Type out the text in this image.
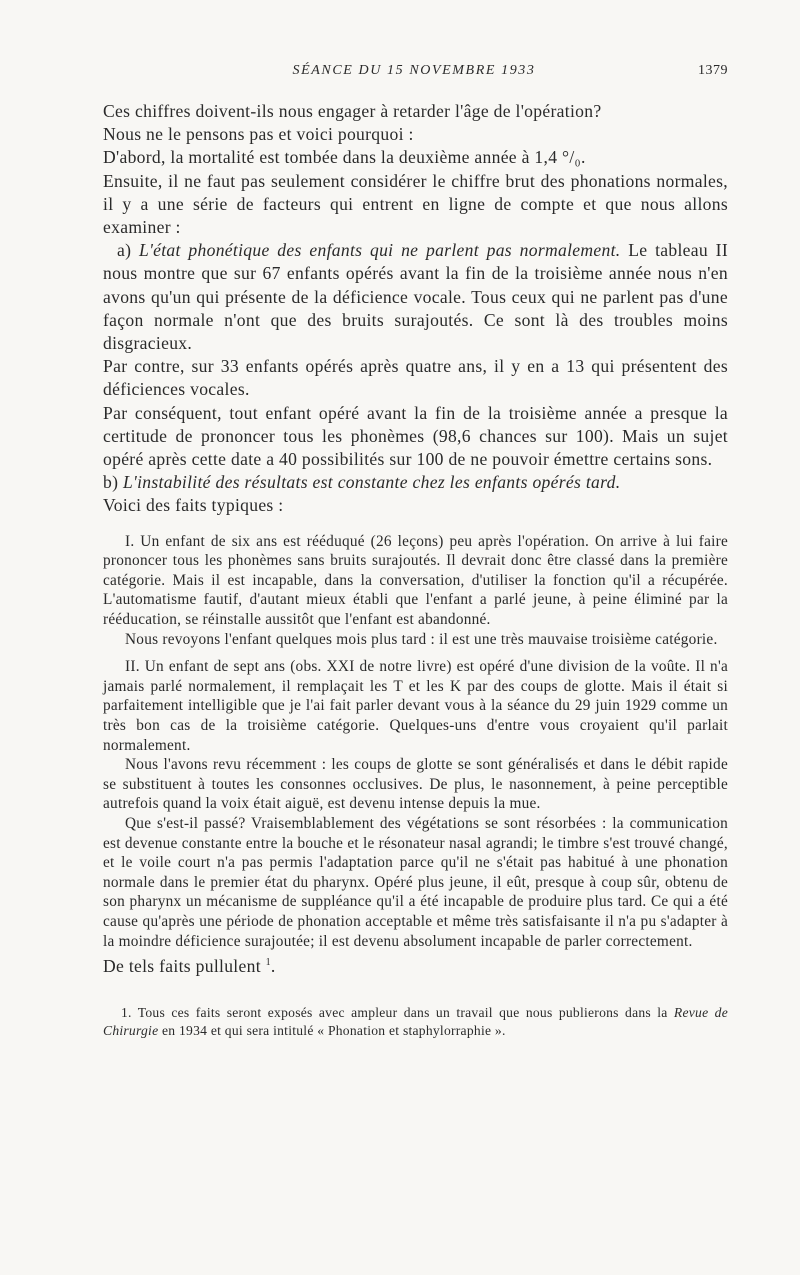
SÉANCE DU 15 NOVEMBRE 1933	1379

Ces chiffres doivent-ils nous engager à retarder l'âge de l'opération?

Nous ne le pensons pas et voici pourquoi :

D'abord, la mortalité est tombée dans la deuxième année à 1,4 °/₀.

Ensuite, il ne faut pas seulement considérer le chiffre brut des phonations normales, il y a une série de facteurs qui entrent en ligne de compte et que nous allons examiner :

a) L'état phonétique des enfants qui ne parlent pas normalement. Le tableau II nous montre que sur 67 enfants opérés avant la fin de la troisième année nous n'en avons qu'un qui présente de la déficience vocale. Tous ceux qui ne parlent pas d'une façon normale n'ont que des bruits surajoutés. Ce sont là des troubles moins disgracieux.

Par contre, sur 33 enfants opérés après quatre ans, il y en a 13 qui présentent des déficiences vocales.

Par conséquent, tout enfant opéré avant la fin de la troisième année a presque la certitude de prononcer tous les phonèmes (98,6 chances sur 100). Mais un sujet opéré après cette date a 40 possibilités sur 100 de ne pouvoir émettre certains sons.

b) L'instabilité des résultats est constante chez les enfants opérés tard.

Voici des faits typiques :

I. Un enfant de six ans est rééduqué (26 leçons) peu après l'opération. On arrive à lui faire prononcer tous les phonèmes sans bruits surajoutés. Il devrait donc être classé dans la première catégorie. Mais il est incapable, dans la conversation, d'utiliser la fonction qu'il a récupérée. L'automatisme fautif, d'autant mieux établi que l'enfant a parlé jeune, à peine éliminé par la rééducation, se réinstalle aussitôt que l'enfant est abandonné.

Nous revoyons l'enfant quelques mois plus tard : il est une très mauvaise troisième catégorie.

II. Un enfant de sept ans (obs. XXI de notre livre) est opéré d'une division de la voûte. Il n'a jamais parlé normalement, il remplaçait les T et les K par des coups de glotte. Mais il était si parfaitement intelligible que je l'ai fait parler devant vous à la séance du 29 juin 1929 comme un très bon cas de la troisième catégorie. Quelques-uns d'entre vous croyaient qu'il parlait normalement.

Nous l'avons revu récemment : les coups de glotte se sont généralisés et dans le débit rapide se substituent à toutes les consonnes occlusives. De plus, le nasonnement, à peine perceptible autrefois quand la voix était aiguë, est devenu intense depuis la mue.

Que s'est-il passé? Vraisemblablement des végétations se sont résorbées : la communication est devenue constante entre la bouche et le résonateur nasal agrandi; le timbre s'est trouvé changé, et le voile court n'a pas permis l'adaptation parce qu'il ne s'était pas habitué à une phonation normale dans le premier état du pharynx. Opéré plus jeune, il eût, presque à coup sûr, obtenu de son pharynx un mécanisme de suppléance qu'il a été incapable de produire plus tard. Ce qui a été cause qu'après une période de phonation acceptable et même très satisfaisante il n'a pu s'adapter à la moindre déficience surajoutée; il est devenu absolument incapable de parler correctement.

De tels faits pullulent $^1$.

1. Tous ces faits seront exposés avec ampleur dans un travail que nous publierons dans la Revue de Chirurgie en 1934 et qui sera intitulé « Phonation et staphylorraphie ».
